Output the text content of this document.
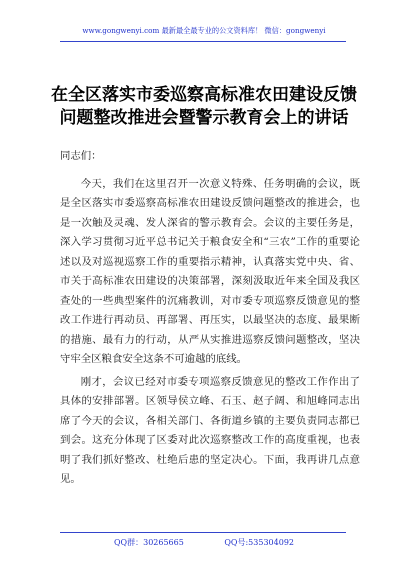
www.gongwenyi.com 最新最全最专业的公文资料库！ 微信：gongwenyi
在全区落实市委巡察高标准农田建设反馈
问题整改推进会暨警示教育会上的讲话

同志们：

今天，我们在这里召开一次意义特殊、任务明确的会议，既是全区落实市委巡察高标准农田建设反馈问题整改的推进会，也是一次触及灵魂、发人深省的警示教育会。会议的主要任务是，深入学习贯彻习近平总书记关于粮食安全和“三农”工作的重要论述以及对巡视巡察工作的重要指示精神，认真落实党中央、省、市关于高标准农田建设的决策部署，深刻汲取近年来全国及我区查处的一些典型案件的沉痛教训，对市委专项巡察反馈意见的整改工作进行再动员、再部署、再压实，以最坚决的态度、最果断的措施、最有力的行动，从严从实推进巡察反馈问题整改，坚决守牢全区粮食安全这条不可逾越的底线。

刚才，会议已经对市委专项巡察反馈意见的整改工作作出了具体的安排部署。区领导侯立峰、石玉、赵子阔、和旭峰同志出席了今天的会议，各相关部门、各街道乡镇的主要负责同志都已到会。这充分体现了区委对此次巡察整改工作的高度重视，也表明了我们抓好整改、杜绝后患的坚定决心。下面，我再讲几点意见。

QQ群：30265665	QQ号:535304092
